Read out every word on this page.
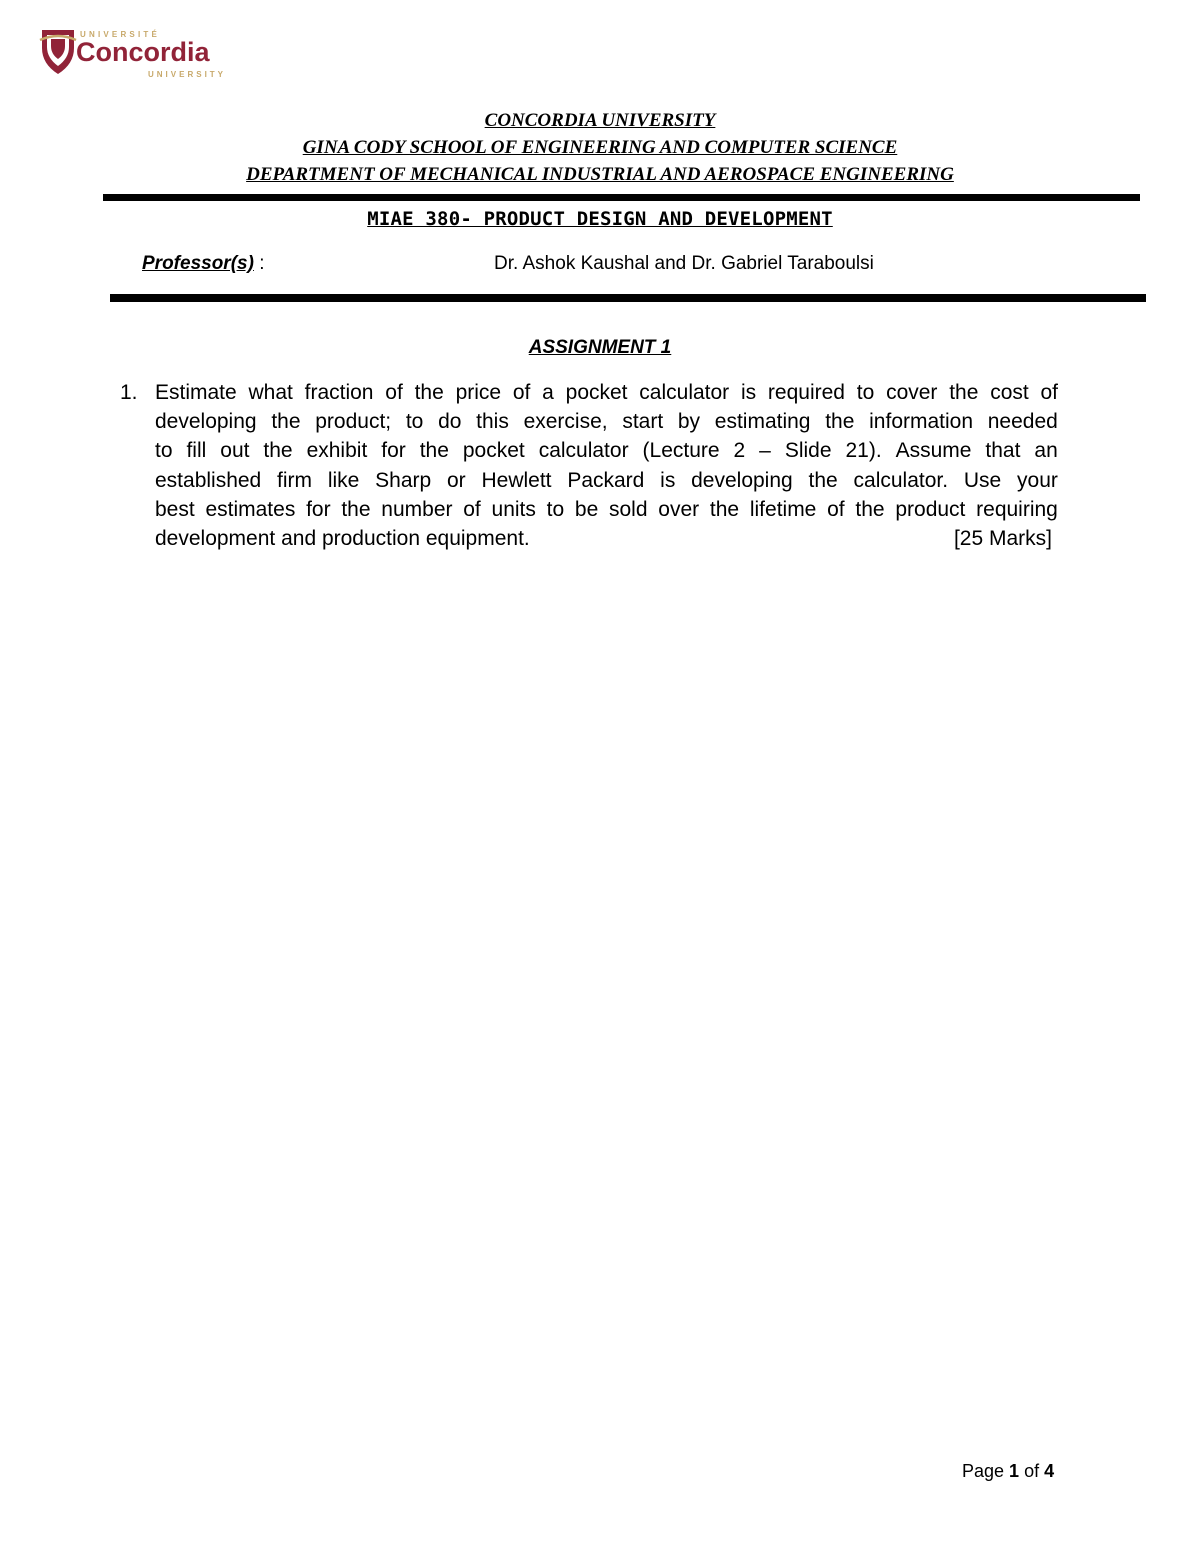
UNIVERSITÉ
Concordia
UNIVERSITY
CONCORDIA UNIVERSITY
GINA CODY SCHOOL OF ENGINEERING AND COMPUTER SCIENCE
DEPARTMENT OF MECHANICAL INDUSTRIAL AND AEROSPACE ENGINEERING
MIAE 380- PRODUCT DESIGN AND DEVELOPMENT
Professor(s) :	Dr. Ashok Kaushal and Dr. Gabriel Taraboulsi
ASSIGNMENT 1
1. Estimate what fraction of the price of a pocket calculator is required to cover the cost of
developing the product; to do this exercise, start by estimating the information needed
to fill out the exhibit for the pocket calculator (Lecture 2 – Slide 21). Assume that an
established firm like Sharp or Hewlett Packard is developing the calculator. Use your
best estimates for the number of units to be sold over the lifetime of the product requiring
development and production equipment.	[25 Marks]
Page 1 of 4
